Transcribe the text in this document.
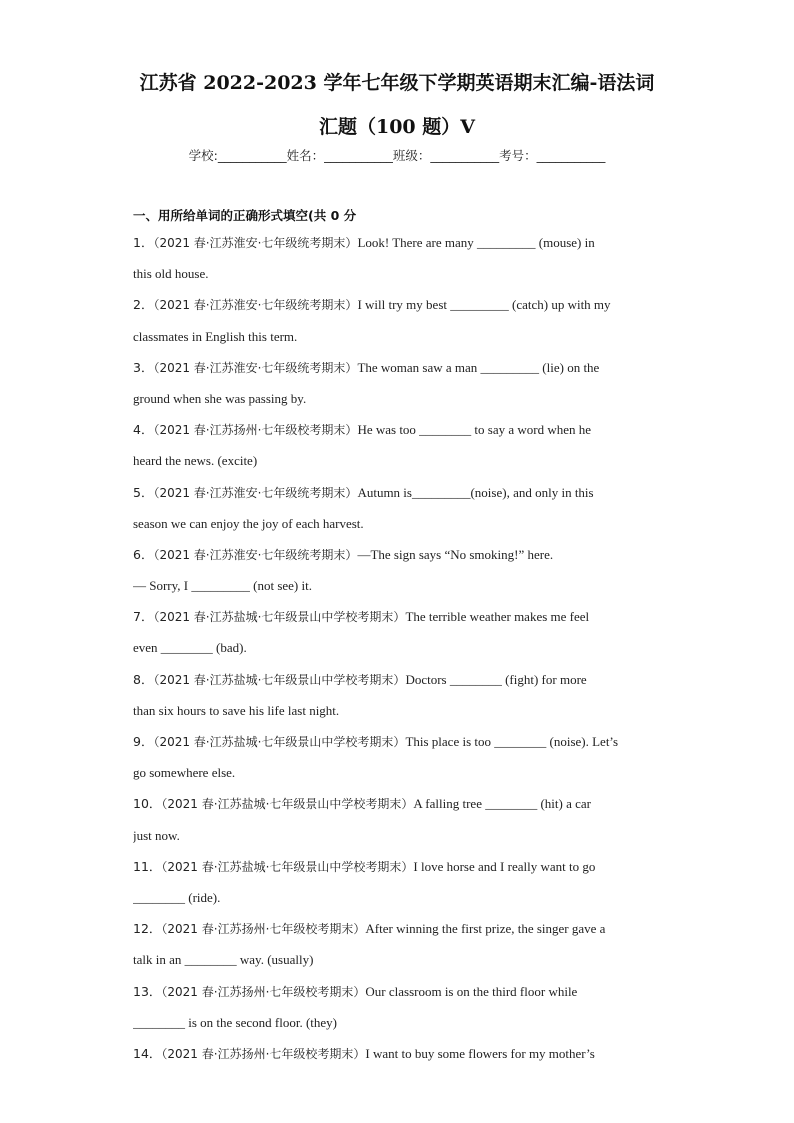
江苏省 2022-2023 学年七年级下学期英语期末汇编-语法词
汇题（100 题）V
学校:___________姓名：___________班级：___________考号：___________
一、用所给单词的正确形式填空(共 0 分
1．（2021 春·江苏淮安·七年级统考期末）Look! There are many _________ (mouse) in
this old house.
2．（2021 春·江苏淮安·七年级统考期末）I will try my best _________ (catch) up with my
classmates in English this term.
3．（2021 春·江苏淮安·七年级统考期末）The woman saw a man _________ (lie) on the
ground when she was passing by.
4．（2021 春·江苏扬州·七年级校考期末）He was too ________ to say a word when he
heard the news. (excite)
5．（2021 春·江苏淮安·七年级统考期末）Autumn is_________(noise), and only in this
season we can enjoy the joy of each harvest.
6．（2021 春·江苏淮安·七年级统考期末）—The sign says “No smoking!” here.
— Sorry, I _________ (not see) it.
7．（2021 春·江苏盐城·七年级景山中学校考期末）The terrible weather makes me feel
even ________ (bad).
8．（2021 春·江苏盐城·七年级景山中学校考期末）Doctors ________ (fight) for more
than six hours to save his life last night.
9．（2021 春·江苏盐城·七年级景山中学校考期末）This place is too ________ (noise). Let’s
go somewhere else.
10．（2021 春·江苏盐城·七年级景山中学校考期末）A falling tree ________ (hit) a car
just now.
11．（2021 春·江苏盐城·七年级景山中学校考期末）I love horse and I really want to go
________ (ride).
12．（2021 春·江苏扬州·七年级校考期末）After winning the first prize, the singer gave a
talk in an ________ way. (usually)
13．（2021 春·江苏扬州·七年级校考期末）Our classroom is on the third floor while
________ is on the second floor. (they)
14．（2021 春·江苏扬州·七年级校考期末）I want to buy some flowers for my mother’s
